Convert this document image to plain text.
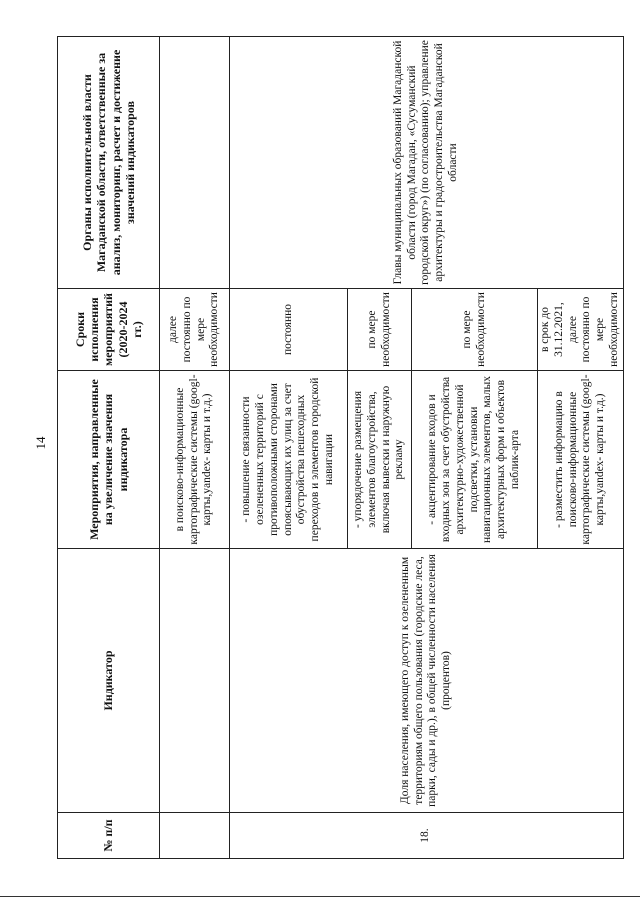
14
№ п/п	Индикатор	Мероприятия, направленные на увеличение значения индикатора	Сроки исполнения мероприятий (2020-2024 гг.)	Органы исполнительной власти Магаданской области, ответственные за анализ, мониторинг, расчет и достижение значений индикаторов
		в поисково-информационные картографические системы (googl-карты,yandex- карты и т.д.)	далее постоянно по мере необходимости	
18.	Доля населения, имеющего доступ к озелененным территориям общего пользования (городские леса, парки, сады и др.), в общей численности населения (процентов)	- повышение связанности озелененных территорий с противоположными сторонами опоясывающих их улиц за счет обустройства пешеходных переходов и элементов городской навигации	постоянно	Главы муниципальных образований Магаданской области (город Магадан, «Сусуманский городской округ») (по согласованию); управление архитектуры и градостроительства Магаданской области
		- упорядочение размещения элементов благоустройства, включая вывески и наружную рекламу	по мере необходимости	
		- акцентирование входов и входных зон за счет обустройства архитектурно-художественной подсветки, установки навигационных элементов, малых архитектурных форм и объектов паблик-арта	по мере необходимости	
		- разместить информацию в поисково-информационные картографические системы (googl-карты,yandex- карты и т.д.)	в срок до 31.12.2021, далее постоянно по мере необходимости	
